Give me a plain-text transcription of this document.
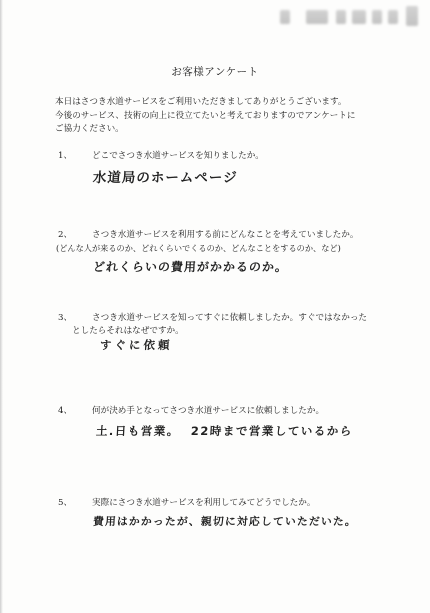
お客様アンケート
本日はさつき水道サービスをご利用いただきましてありがとうございます。
今後のサービス、技術の向上に役立てたいと考えておりますのでアンケートに
ご協力ください。
1、 どこでさつき水道サービスを知りましたか。
水道局のホームページ
2、 さつき水道サービスを利用する前にどんなことを考えていましたか。
(どんな人が来るのか、どれくらいでくるのか、どんなことをするのか、など)
どれくらいの費用がかかるのか。
3、 さつき水道サービスを知ってすぐに依頼しましたか。すぐではなかった
としたらそれはなぜですか。
すぐに依頼
4、 何が決め手となってさつき水道サービスに依頼しましたか。
土.日も営業。  22時まで営業しているから
5、 実際にさつき水道サービスを利用してみてどうでしたか。
費用はかかったが、親切に対応していただいた。
